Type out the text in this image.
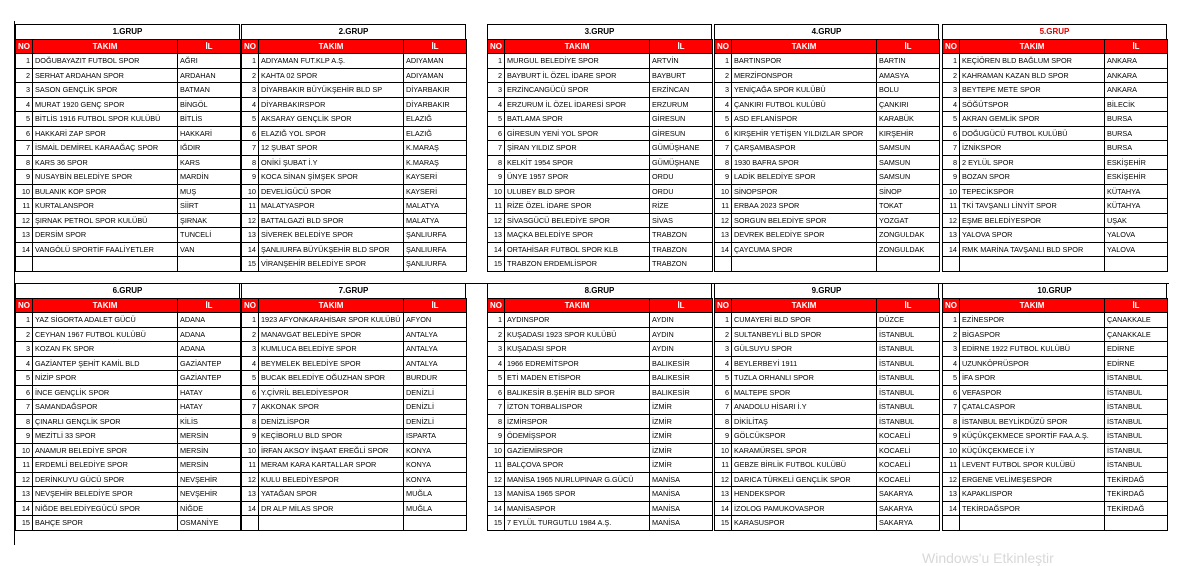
1.GRUP
NO	TAKIM	İL
1	DOĞUBAYAZIT FUTBOL SPOR	AĞRI
2	SERHAT ARDAHAN SPOR	ARDAHAN
3	SASON GENÇLİK SPOR	BATMAN
4	MURAT 1920 GENÇ SPOR	BİNGÖL
5	BİTLİS 1916 FUTBOL SPOR KULÜBÜ	BİTLİS
6	HAKKARİ ZAP SPOR	HAKKARİ
7	İSMAİL DEMİREL KARAAĞAÇ SPOR	IĞDIR
8	KARS 36 SPOR	KARS
9	NUSAYBİN BELEDİYE SPOR	MARDİN
10	BULANIK KOP SPOR	MUŞ
11	KURTALANSPOR	SİİRT
12	ŞIRNAK PETROL SPOR KULÜBÜ	ŞIRNAK
13	DERSİM SPOR	TUNCELİ
14	VANGÖLÜ SPORTİF FAALİYETLER	VAN

2.GRUP
NO	TAKIM	İL
1	ADIYAMAN FUT.KLP A.Ş.	ADIYAMAN
2	KAHTA 02 SPOR	ADIYAMAN
3	DİYARBAKIR BÜYÜKŞEHİR BLD SP	DİYARBAKIR
4	DİYARBAKIRSPOR	DİYARBAKIR
5	AKSARAY GENÇLİK SPOR	ELAZIĞ
6	ELAZIĞ YOL SPOR	ELAZIĞ
7	12 ŞUBAT SPOR	K.MARAŞ
8	ONİKİ ŞUBAT İ.Y	K.MARAŞ
9	KOCA SİNAN ŞİMŞEK SPOR	KAYSERİ
10	DEVELİGÜCÜ SPOR	KAYSERİ
11	MALATYASPOR	MALATYA
12	BATTALGAZİ BLD SPOR	MALATYA
13	SİVEREK BELEDİYE SPOR	ŞANLIURFA
14	ŞANLIURFA BÜYÜKŞEHİR BLD SPOR	ŞANLIURFA
15	VİRANŞEHİR BELEDİYE SPOR	ŞANLIURFA
3.GRUP
NO	TAKIM	İL
1	MURGUL BELEDİYE SPOR	ARTVİN
2	BAYBURT İL ÖZEL İDARE SPOR	BAYBURT
3	ERZİNCANGÜCÜ SPOR	ERZİNCAN
4	ERZURUM İL ÖZEL İDARESİ SPOR	ERZURUM
5	BATLAMA SPOR	GİRESUN
6	GİRESUN YENİ YOL SPOR	GİRESUN
7	ŞİRAN YILDIZ SPOR	GÜMÜŞHANE
8	KELKİT 1954 SPOR	GÜMÜŞHANE
9	ÜNYE 1957 SPOR	ORDU
10	ULUBEY BLD SPOR	ORDU
11	RİZE ÖZEL İDARE SPOR	RİZE
12	SİVASGÜCÜ BELEDİYE SPOR	SİVAS
13	MAÇKA BELEDİYE SPOR	TRABZON
14	ORTAHİSAR FUTBOL SPOR KLB	TRABZON
15	TRABZON ERDEMLİSPOR	TRABZON
4.GRUP
NO	TAKIM	İL
1	BARTINSPOR	BARTIN
2	MERZİFONSPOR	AMASYA
3	YENİÇAĞA SPOR KULÜBÜ	BOLU
4	ÇANKIRI FUTBOL KULÜBÜ	ÇANKIRI
5	ASD EFLANİSPOR	KARABÜK
6	KIRŞEHİR YETİŞEN YILDIZLAR SPOR	KIRŞEHİR
7	ÇARŞAMBASPOR	SAMSUN
8	1930 BAFRA SPOR	SAMSUN
9	LADİK BELEDİYE SPOR	SAMSUN
10	SİNOPSPOR	SİNOP
11	ERBAA 2023 SPOR	TOKAT
12	SORGUN BELEDİYE SPOR	YOZGAT
13	DEVREK BELEDİYE SPOR	ZONGULDAK
14	ÇAYCUMA SPOR	ZONGULDAK

5.GRUP
NO	TAKIM	İL
1	KEÇİÖREN BLD BAĞLUM SPOR	ANKARA
2	KAHRAMAN KAZAN BLD SPOR	ANKARA
3	BEYTEPE METE SPOR	ANKARA
4	SÖĞÜTSPOR	BİLECİK
5	AKRAN GEMLİK SPOR	BURSA
6	DOĞUGÜCÜ FUTBOL KULÜBÜ	BURSA
7	İZNİKSPOR	BURSA
8	2 EYLÜL SPOR	ESKİŞEHİR
9	BOZAN SPOR	ESKİŞEHİR
10	TEPECİKSPOR	KÜTAHYA
11	TKİ TAVŞANLI LİNYİT SPOR	KÜTAHYA
12	EŞME BELEDİYESPOR	UŞAK
13	YALOVA SPOR	YALOVA
14	RMK MARİNA TAVŞANLI BLD SPOR	YALOVA

6.GRUP
NO	TAKIM	İL
1	YAZ SİGORTA ADALET GÜCÜ	ADANA
2	CEYHAN 1967 FUTBOL KULÜBÜ	ADANA
3	KOZAN FK SPOR	ADANA
4	GAZİANTEP ŞEHİT KAMİL BLD	GAZİANTEP
5	NİZİP SPOR	GAZİANTEP
6	İNCE GENÇLİK SPOR	HATAY
7	SAMANDAĞSPOR	HATAY
8	ÇINARLI GENÇLİK SPOR	KİLİS
9	MEZİTLİ 33 SPOR	MERSİN
10	ANAMUR BELEDİYE SPOR	MERSİN
11	ERDEMLİ BELEDİYE SPOR	MERSİN
12	DERİNKUYU GÜCÜ SPOR	NEVŞEHİR
13	NEVŞEHİR BELEDİYE SPOR	NEVŞEHİR
14	NİĞDE BELEDİYEGÜCÜ SPOR	NİĞDE
15	BAHÇE SPOR	OSMANİYE
7.GRUP
NO	TAKIM	İL
1	1923 AFYONKARAHİSAR SPOR KULÜBÜ	AFYON
2	MANAVGAT BELEDİYE SPOR	ANTALYA
3	KUMLUCA BELEDİYE SPOR	ANTALYA
4	BEYMELEK BELEDİYE SPOR	ANTALYA
5	BUCAK BELEDİYE OĞUZHAN SPOR	BURDUR
6	Y.ÇİVRİL BELEDİYESPOR	DENİZLİ
7	AKKONAK SPOR	DENİZLİ
8	DENİZLİSPOR	DENİZLİ
9	KEÇİBORLU BLD SPOR	ISPARTA
10	İRFAN AKSOY İNŞAAT EREĞLİ SPOR	KONYA
11	MERAM KARA KARTALLAR SPOR	KONYA
12	KULU BELEDİYESPOR	KONYA
13	YATAĞAN SPOR	MUĞLA
14	DR ALP MİLAS SPOR	MUĞLA

8.GRUP
NO	TAKIM	İL
1	AYDINSPOR	AYDIN
2	KUŞADASI 1923 SPOR KULÜBÜ	AYDIN
3	KUŞADASI SPOR	AYDIN
4	1966 EDREMİTSPOR	BALIKESİR
5	ETİ MADEN ETİSPOR	BALIKESİR
6	BALIKESİR B.ŞEHİR BLD SPOR	BALIKESİR
7	İZTON TORBALISPOR	İZMİR
8	İZMİRSPOR	İZMİR
9	ÖDEMİŞSPOR	İZMİR
10	GAZİEMİRSPOR	İZMİR
11	BALÇOVA SPOR	İZMİR
12	MANİSA 1965 NURLUPINAR G.GÜCÜ	MANİSA
13	MANİSA 1965 SPOR	MANİSA
14	MANİSASPOR	MANİSA
15	7 EYLÜL TURGUTLU 1984 A.Ş.	MANİSA
9.GRUP
NO	TAKIM	İL
1	CUMAYERİ BLD SPOR	DÜZCE
2	SULTANBEYLİ BLD SPOR	İSTANBUL
3	GÜLSUYU SPOR	İSTANBUL
4	BEYLERBEYİ 1911	İSTANBUL
5	TUZLA ORHANLI SPOR	İSTANBUL
6	MALTEPE SPOR	İSTANBUL
7	ANADOLU HİSARI İ.Y	İSTANBUL
8	DİKİLİTAŞ	İSTANBUL
9	GÖLCÜKSPOR	KOCAELİ
10	KARAMÜRSEL SPOR	KOCAELİ
11	GEBZE BİRLİK FUTBOL KULÜBÜ	KOCAELİ
12	DARICA TÜRKELİ GENÇLİK SPOR	KOCAELİ
13	HENDEKSPOR	SAKARYA
14	İZOLOG PAMUKOVASPOR	SAKARYA
15	KARASUSPOR	SAKARYA
10.GRUP
NO	TAKIM	İL
1	EZİNESPOR	ÇANAKKALE
2	BİGASPOR	ÇANAKKALE
3	EDİRNE 1922 FUTBOL KULÜBÜ	EDİRNE
4	UZUNKÖPRÜSPOR	EDİRNE
5	İFA SPOR	İSTANBUL
6	VEFASPOR	İSTANBUL
7	ÇATALCASPOR	İSTANBUL
8	İSTANBUL BEYLİKDÜZÜ SPOR	İSTANBUL
9	KÜÇÜKÇEKMECE SPORTİF FAA.A.Ş.	İSTANBUL
10	KÜÇÜKÇEKMECE İ.Y	İSTANBUL
11	LEVENT FUTBOL SPOR KULÜBÜ	İSTANBUL
12	ERGENE VELİMEŞESPOR	TEKİRDAĞ
13	KAPAKLISPOR	TEKİRDAĞ
14	TEKİRDAĞSPOR	TEKİRDAĞ

Windows'u Etkinleştir
